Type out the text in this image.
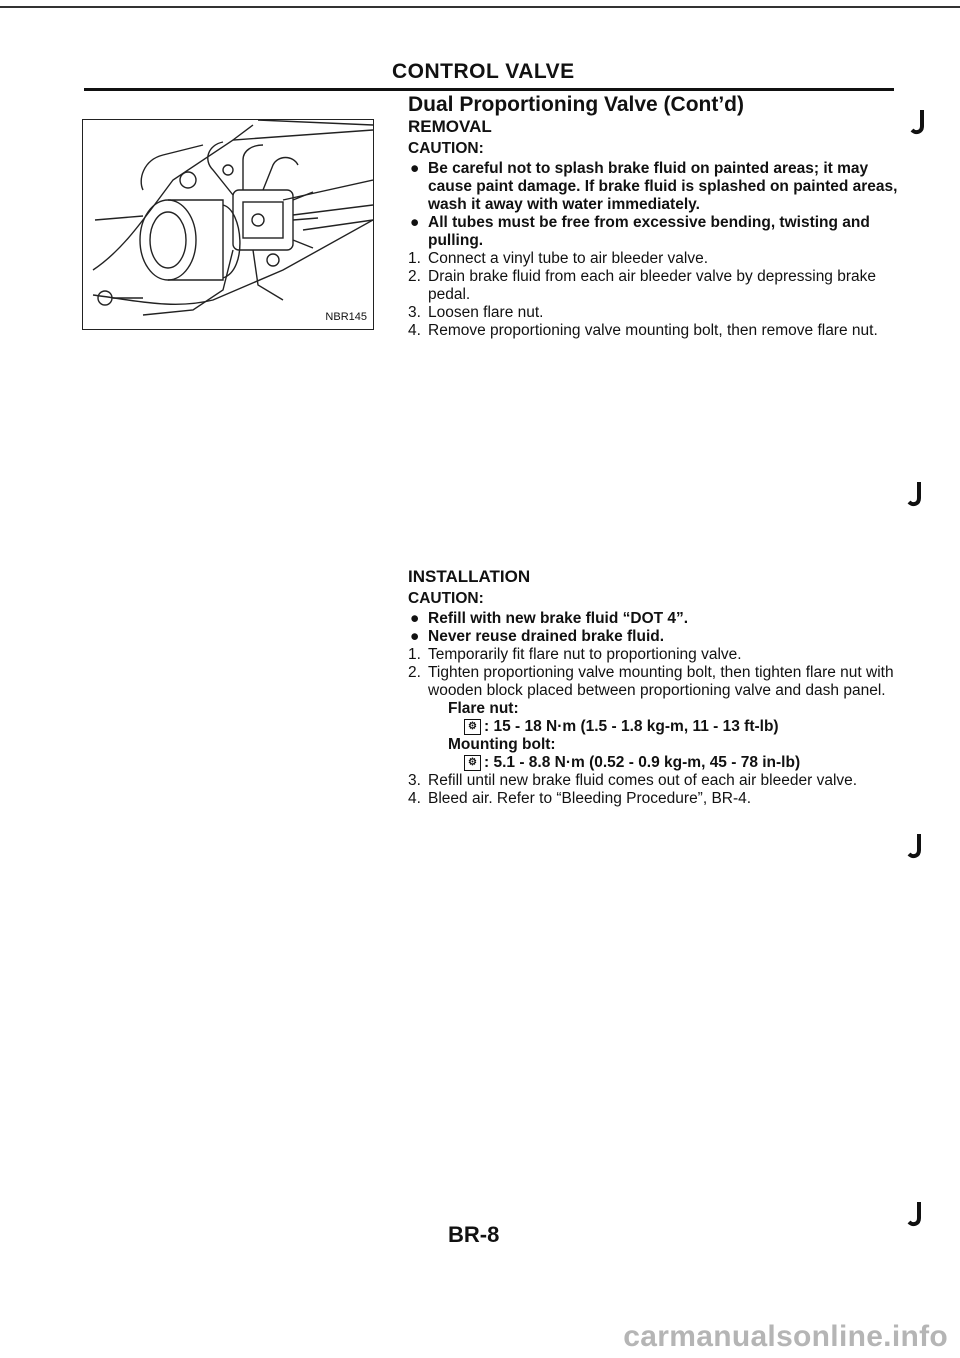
CONTROL VALVE
Dual Proportioning Valve (Cont’d)
NBR145
REMOVAL
CAUTION:
● Be careful not to splash brake fluid on painted areas; it may cause paint damage. If brake fluid is splashed on painted areas, wash it away with water immediately.
● All tubes must be free from excessive bending, twisting and pulling.
1. Connect a vinyl tube to air bleeder valve.
2. Drain brake fluid from each air bleeder valve by depressing brake pedal.
3. Loosen flare nut.
4. Remove proportioning valve mounting bolt, then remove flare nut.
INSTALLATION
CAUTION:
● Refill with new brake fluid “DOT 4”.
● Never reuse drained brake fluid.
1. Temporarily fit flare nut to proportioning valve.
2. Tighten proportioning valve mounting bolt, then tighten flare nut with wooden block placed between proportioning valve and dash panel.
Flare nut:
⚙ : 15 - 18 N·m (1.5 - 1.8 kg-m, 11 - 13 ft-lb)
Mounting bolt:
⚙ : 5.1 - 8.8 N·m (0.52 - 0.9 kg-m, 45 - 78 in-lb)
3. Refill until new brake fluid comes out of each air bleeder valve.
4. Bleed air. Refer to “Bleeding Procedure”, BR-4.
BR-8
carmanualsonline.info
